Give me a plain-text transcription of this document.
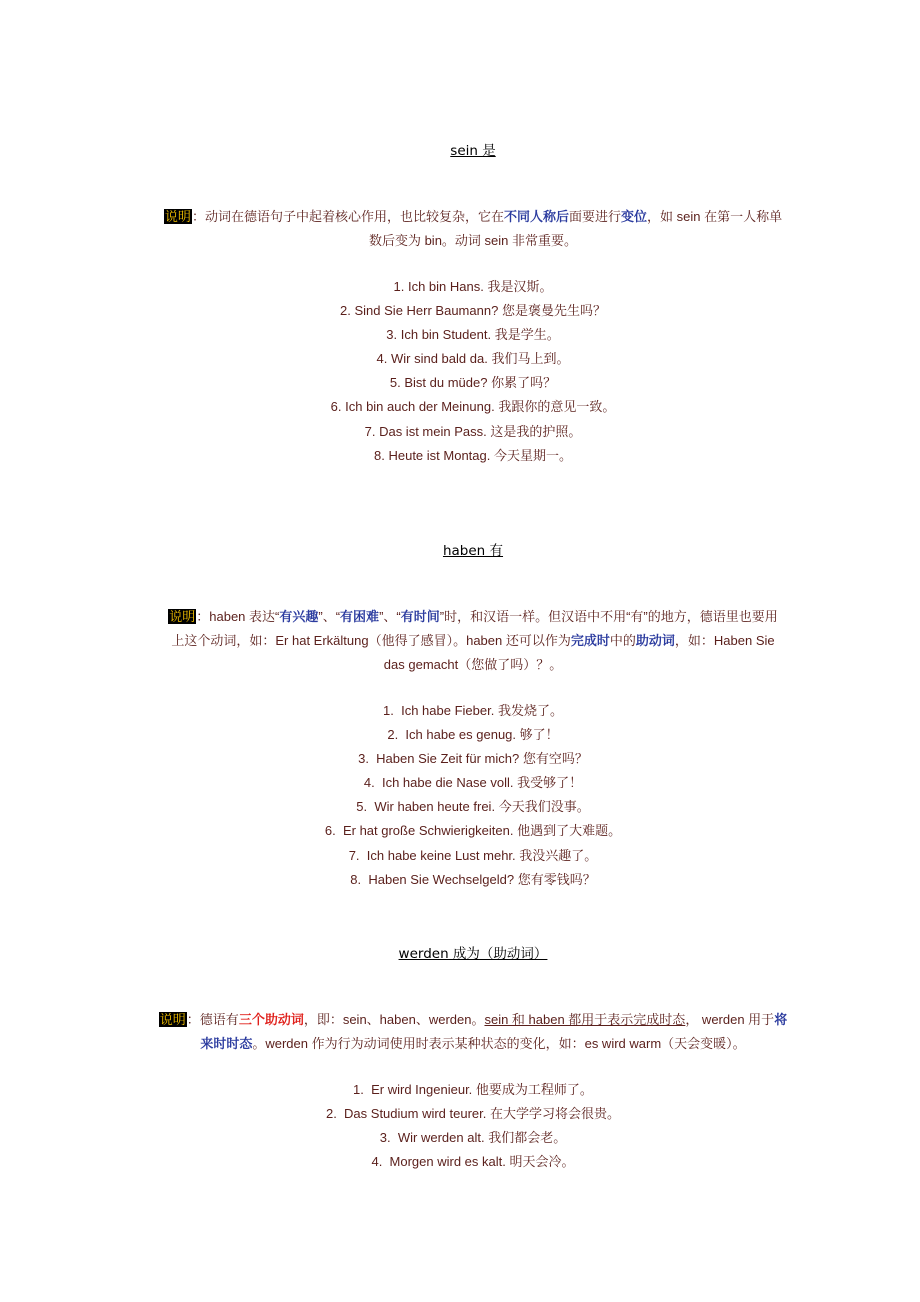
sein 是
说明：动词在德语句子中起着核心作用，也比较复杂，它在不同人称后面要进行变位，如 sein 在第一人称单
数后变为 bin。动词 sein 非常重要。
1. Ich bin Hans. 我是汉斯。
2. Sind Sie Herr Baumann? 您是褒曼先生吗？
3. Ich bin Student. 我是学生。
4. Wir sind bald da. 我们马上到。
5. Bist du müde? 你累了吗？
6. Ich bin auch der Meinung. 我跟你的意见一致。
7. Das ist mein Pass. 这是我的护照。
8. Heute ist Montag. 今天星期一。
haben 有
说明：haben 表达“有兴趣”、“有困难”、“有时间”时，和汉语一样。但汉语中不用“有”的地方，德语里也要用
上这个动词，如：Er hat Erkältung（他得了感冒）。haben 还可以作为完成时中的助动词，如：Haben Sie
das gemacht（您做了吗）？。
1. Ich habe Fieber. 我发烧了。
2. Ich habe es genug. 够了！
3. Haben Sie Zeit für mich? 您有空吗？
4. Ich habe die Nase voll. 我受够了！
5. Wir haben heute frei. 今天我们没事。
6. Er hat große Schwierigkeiten. 他遇到了大难题。
7. Ich habe keine Lust mehr. 我没兴趣了。
8. Haben Sie Wechselgeld? 您有零钱吗？
werden 成为（助动词）
说明：德语有三个助动词，即：sein、haben、werden。sein 和 haben 都用于表示完成时态， werden 用于将
来时时态。werden 作为行为动词使用时表示某种状态的变化，如：es wird warm（天会变暖）。
1. Er wird Ingenieur. 他要成为工程师了。
2. Das Studium wird teurer. 在大学学习将会很贵。
3. Wir werden alt. 我们都会老。
4. Morgen wird es kalt. 明天会冷。
